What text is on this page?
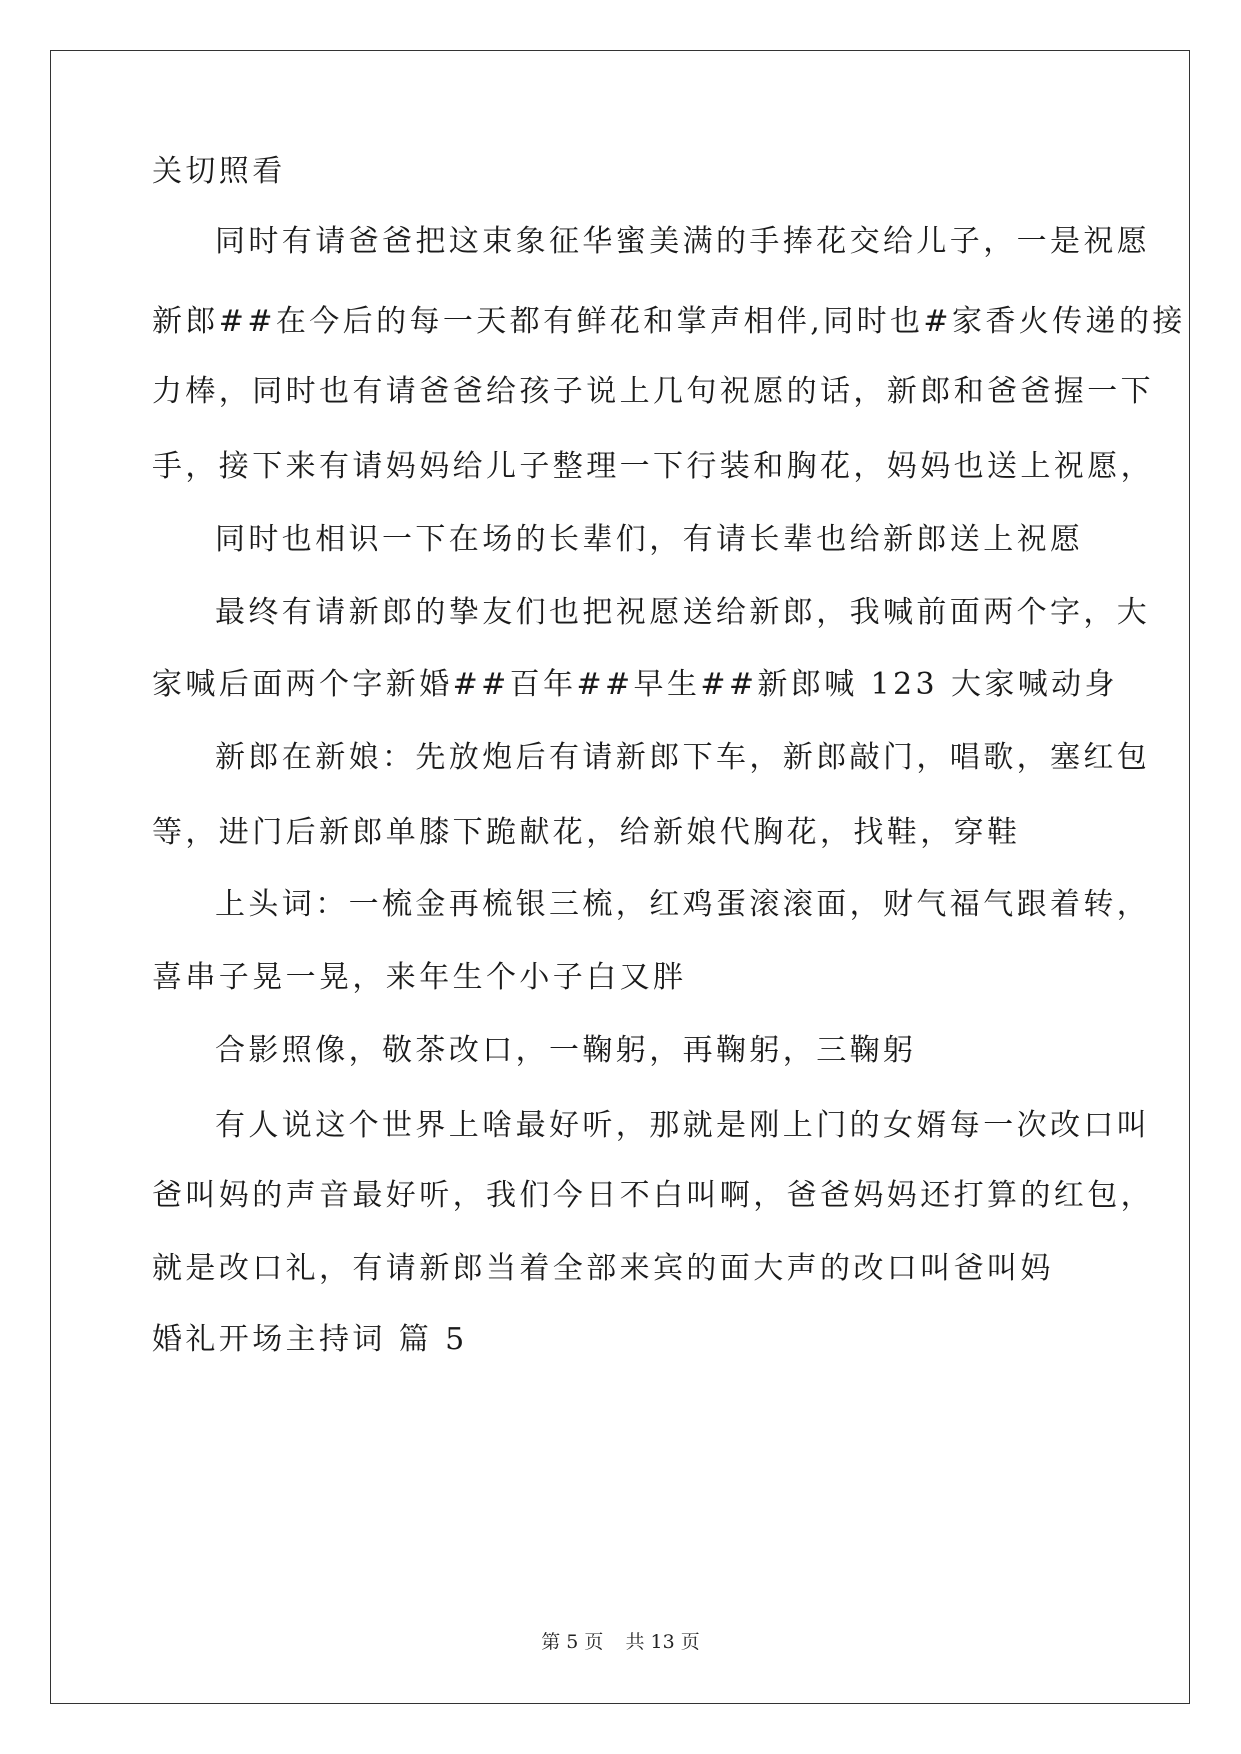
关切照看
同时有请爸爸把这束象征华蜜美满的手捧花交给儿子，一是祝愿
新郎##在今后的每一天都有鲜花和掌声相伴,同时也#家香火传递的接
力棒，同时也有请爸爸给孩子说上几句祝愿的话，新郎和爸爸握一下
手，接下来有请妈妈给儿子整理一下行装和胸花，妈妈也送上祝愿，
同时也相识一下在场的长辈们，有请长辈也给新郎送上祝愿
最终有请新郎的挚友们也把祝愿送给新郎，我喊前面两个字，大
家喊后面两个字新婚##百年##早生##新郎喊 123 大家喊动身
新郎在新娘：先放炮后有请新郎下车，新郎敲门，唱歌，塞红包
等，进门后新郎单膝下跪献花，给新娘代胸花，找鞋，穿鞋
上头词：一梳金再梳银三梳，红鸡蛋滚滚面，财气福气跟着转，
喜串子晃一晃，来年生个小子白又胖
合影照像，敬茶改口，一鞠躬，再鞠躬，三鞠躬
有人说这个世界上啥最好听，那就是刚上门的女婿每一次改口叫
爸叫妈的声音最好听，我们今日不白叫啊，爸爸妈妈还打算的红包，
就是改口礼，有请新郎当着全部来宾的面大声的改口叫爸叫妈
婚礼开场主持词 篇 5
第 5 页 共 13 页
